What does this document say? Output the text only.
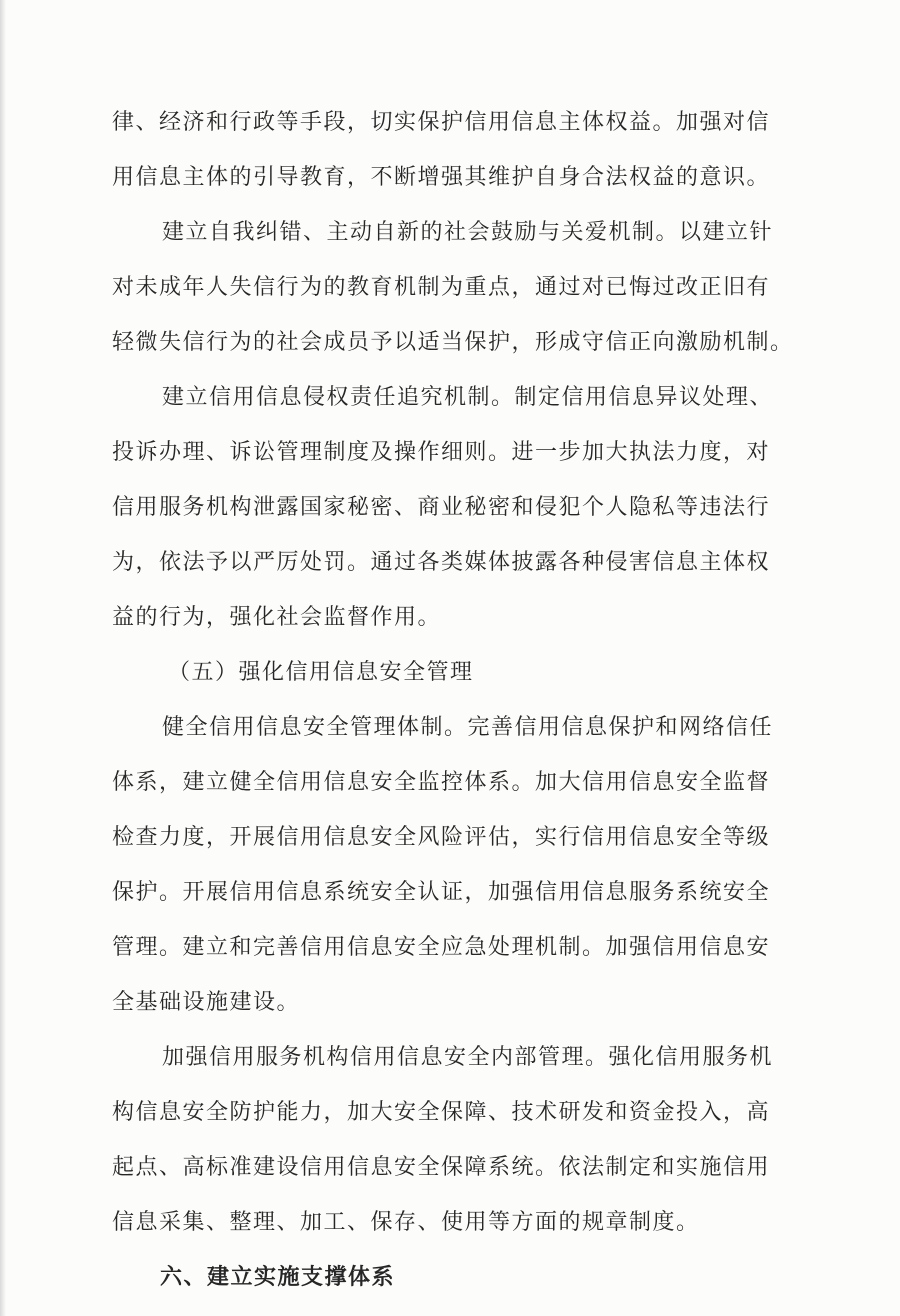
律、经济和行政等手段，切实保护信用信息主体权益。加强对信
用信息主体的引导教育，不断增强其维护自身合法权益的意识。

建立自我纠错、主动自新的社会鼓励与关爱机制。以建立针
对未成年人失信行为的教育机制为重点，通过对已悔过改正旧有
轻微失信行为的社会成员予以适当保护，形成守信正向激励机制。

建立信用信息侵权责任追究机制。制定信用信息异议处理、
投诉办理、诉讼管理制度及操作细则。进一步加大执法力度，对
信用服务机构泄露国家秘密、商业秘密和侵犯个人隐私等违法行
为，依法予以严厉处罚。通过各类媒体披露各种侵害信息主体权
益的行为，强化社会监督作用。

（五）强化信用信息安全管理

健全信用信息安全管理体制。完善信用信息保护和网络信任
体系，建立健全信用信息安全监控体系。加大信用信息安全监督
检查力度，开展信用信息安全风险评估，实行信用信息安全等级
保护。开展信用信息系统安全认证，加强信用信息服务系统安全
管理。建立和完善信用信息安全应急处理机制。加强信用信息安
全基础设施建设。

加强信用服务机构信用信息安全内部管理。强化信用服务机
构信息安全防护能力，加大安全保障、技术研发和资金投入，高
起点、高标准建设信用信息安全保障系统。依法制定和实施信用
信息采集、整理、加工、保存、使用等方面的规章制度。

六、建立实施支撑体系
